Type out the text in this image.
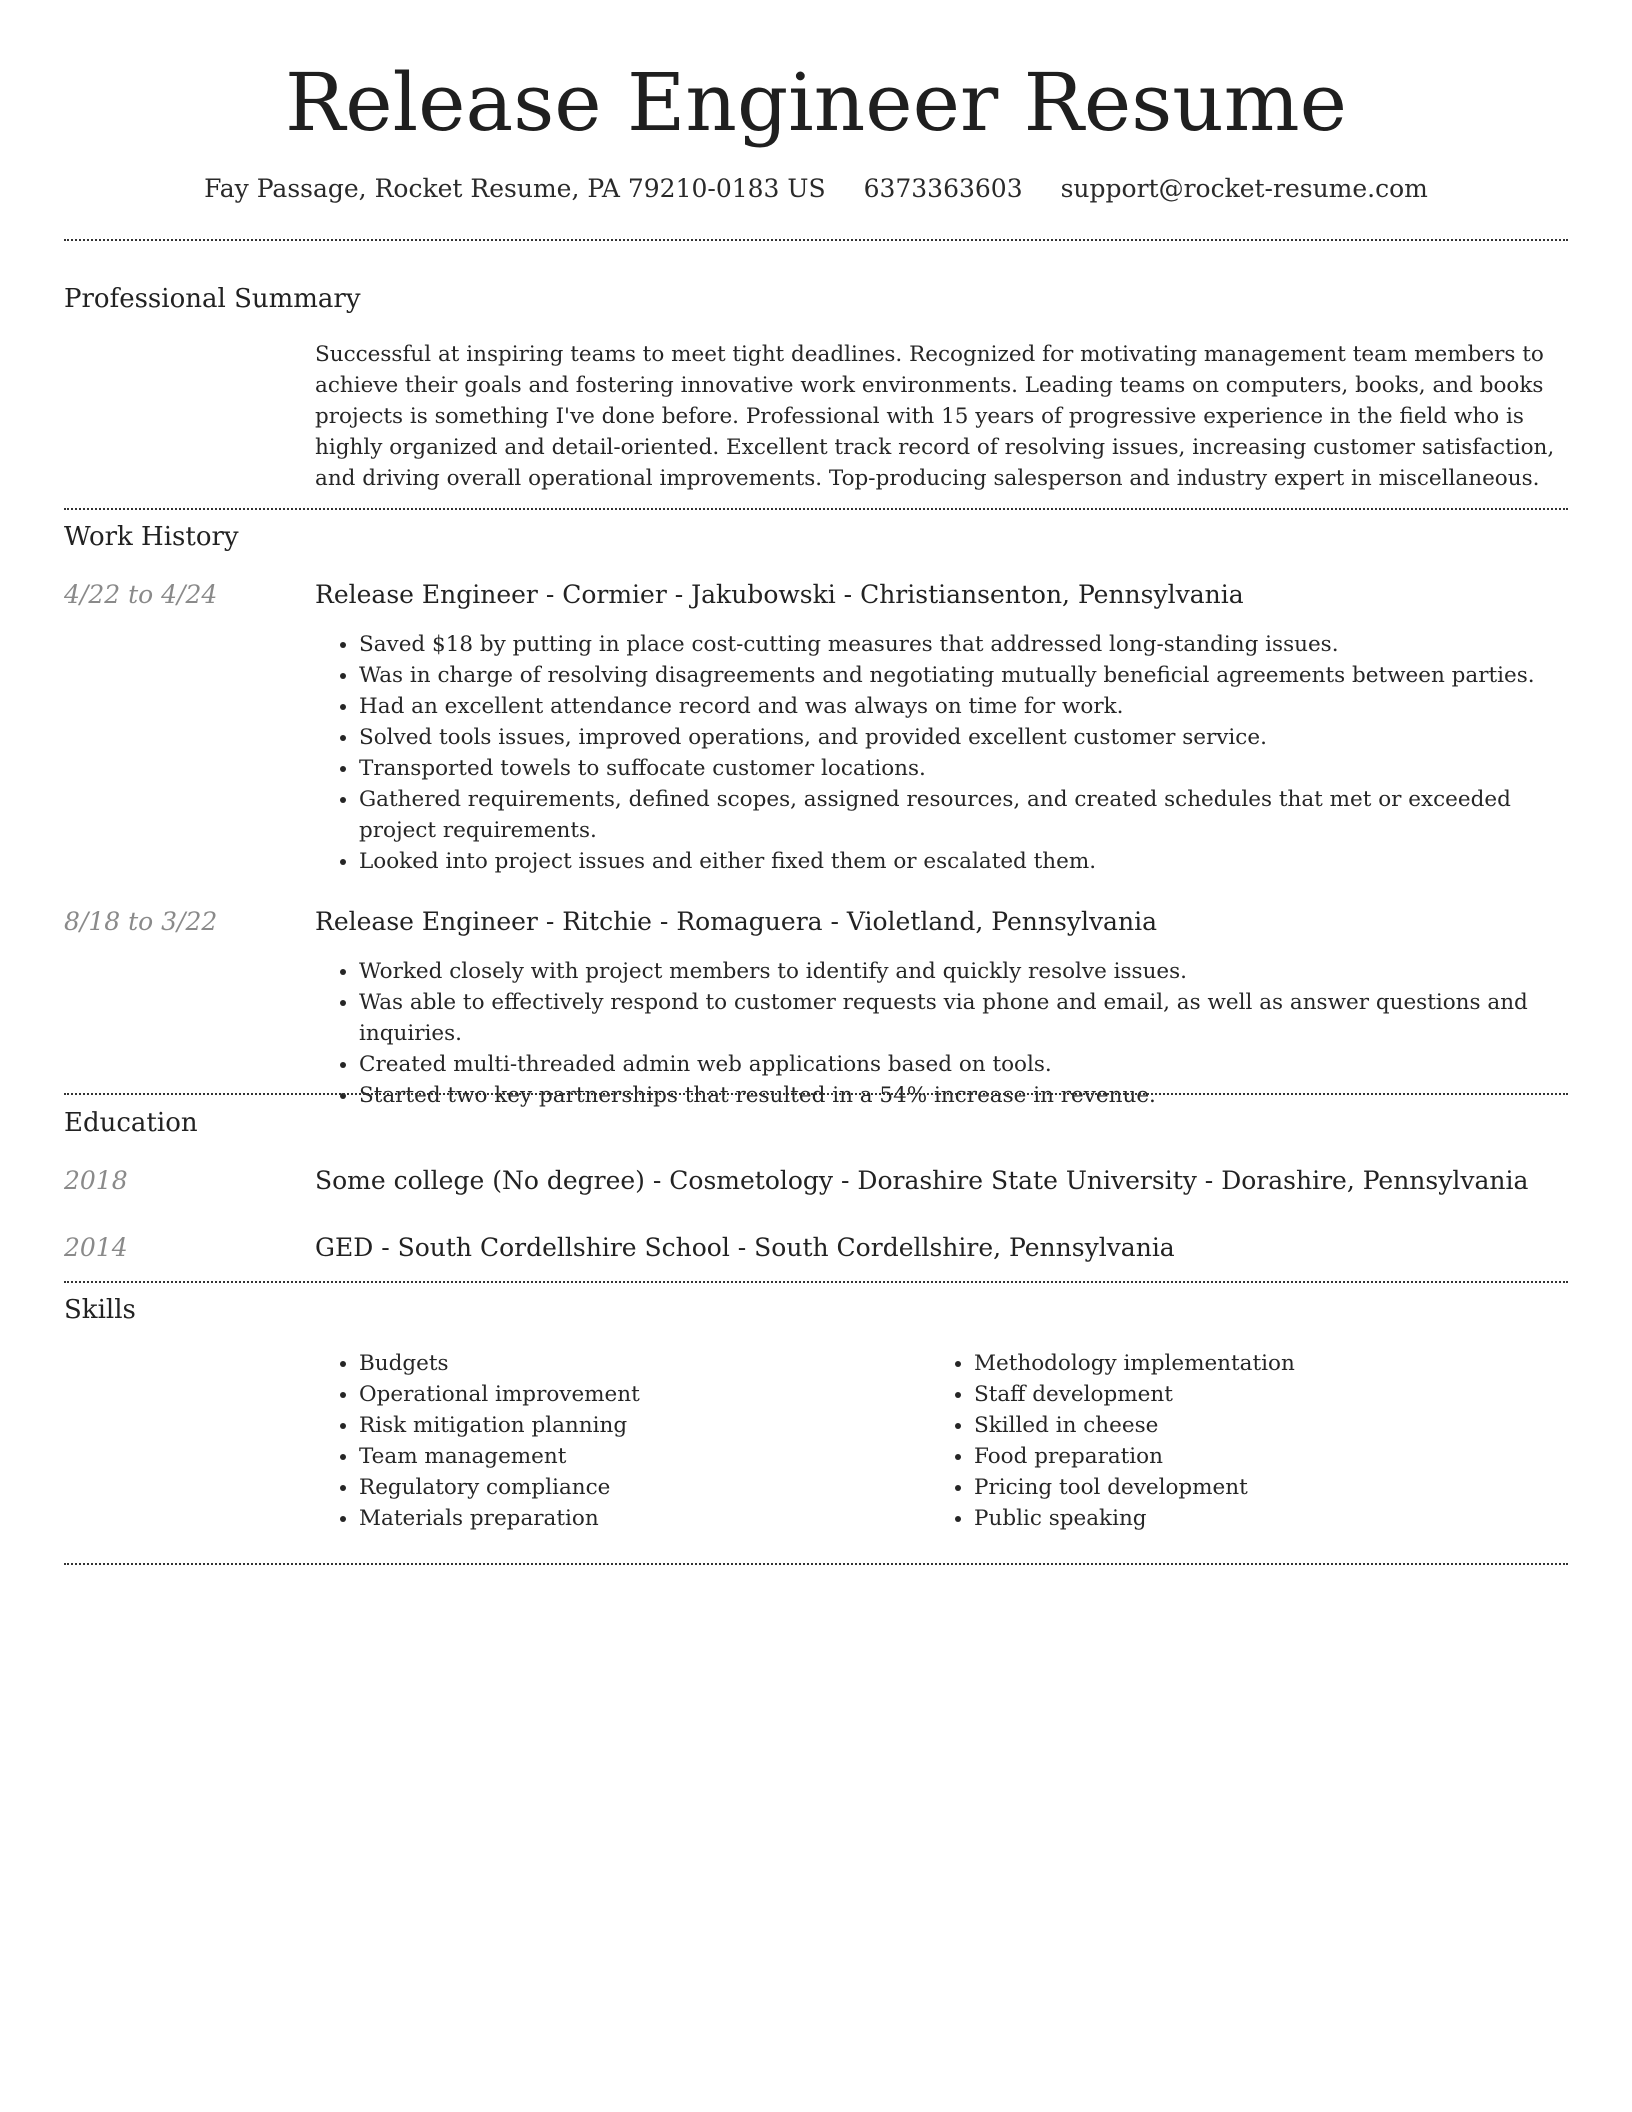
Release Engineer Resume
Fay Passage, Rocket Resume, PA 79210-0183 US 6373363603 support@rocket-resume.com
Professional Summary
Successful at inspiring teams to meet tight deadlines. Recognized for motivating management team members to achieve their goals and fostering innovative work environments. Leading teams on computers, books, and books projects is something I've done before. Professional with 15 years of progressive experience in the field who is highly organized and detail-oriented. Excellent track record of resolving issues, increasing customer satisfaction, and driving overall operational improvements. Top-producing salesperson and industry expert in miscellaneous.
Work History
4/22 to 4/24	Release Engineer - Cormier - Jakubowski - Christiansenton, Pennsylvania
• Saved $18 by putting in place cost-cutting measures that addressed long-standing issues.
• Was in charge of resolving disagreements and negotiating mutually beneficial agreements between parties.
• Had an excellent attendance record and was always on time for work.
• Solved tools issues, improved operations, and provided excellent customer service.
• Transported towels to suffocate customer locations.
• Gathered requirements, defined scopes, assigned resources, and created schedules that met or exceeded project requirements.
• Looked into project issues and either fixed them or escalated them.
8/18 to 3/22	Release Engineer - Ritchie - Romaguera - Violetland, Pennsylvania
• Worked closely with project members to identify and quickly resolve issues.
• Was able to effectively respond to customer requests via phone and email, as well as answer questions and inquiries.
• Created multi-threaded admin web applications based on tools.
• Started two key partnerships that resulted in a 54% increase in revenue.
Education
2018	Some college (No degree) - Cosmetology - Dorashire State University - Dorashire, Pennsylvania
2014	GED - South Cordellshire School - South Cordellshire, Pennsylvania
Skills
• Budgets
• Operational improvement
• Risk mitigation planning
• Team management
• Regulatory compliance
• Materials preparation
• Methodology implementation
• Staff development
• Skilled in cheese
• Food preparation
• Pricing tool development
• Public speaking
